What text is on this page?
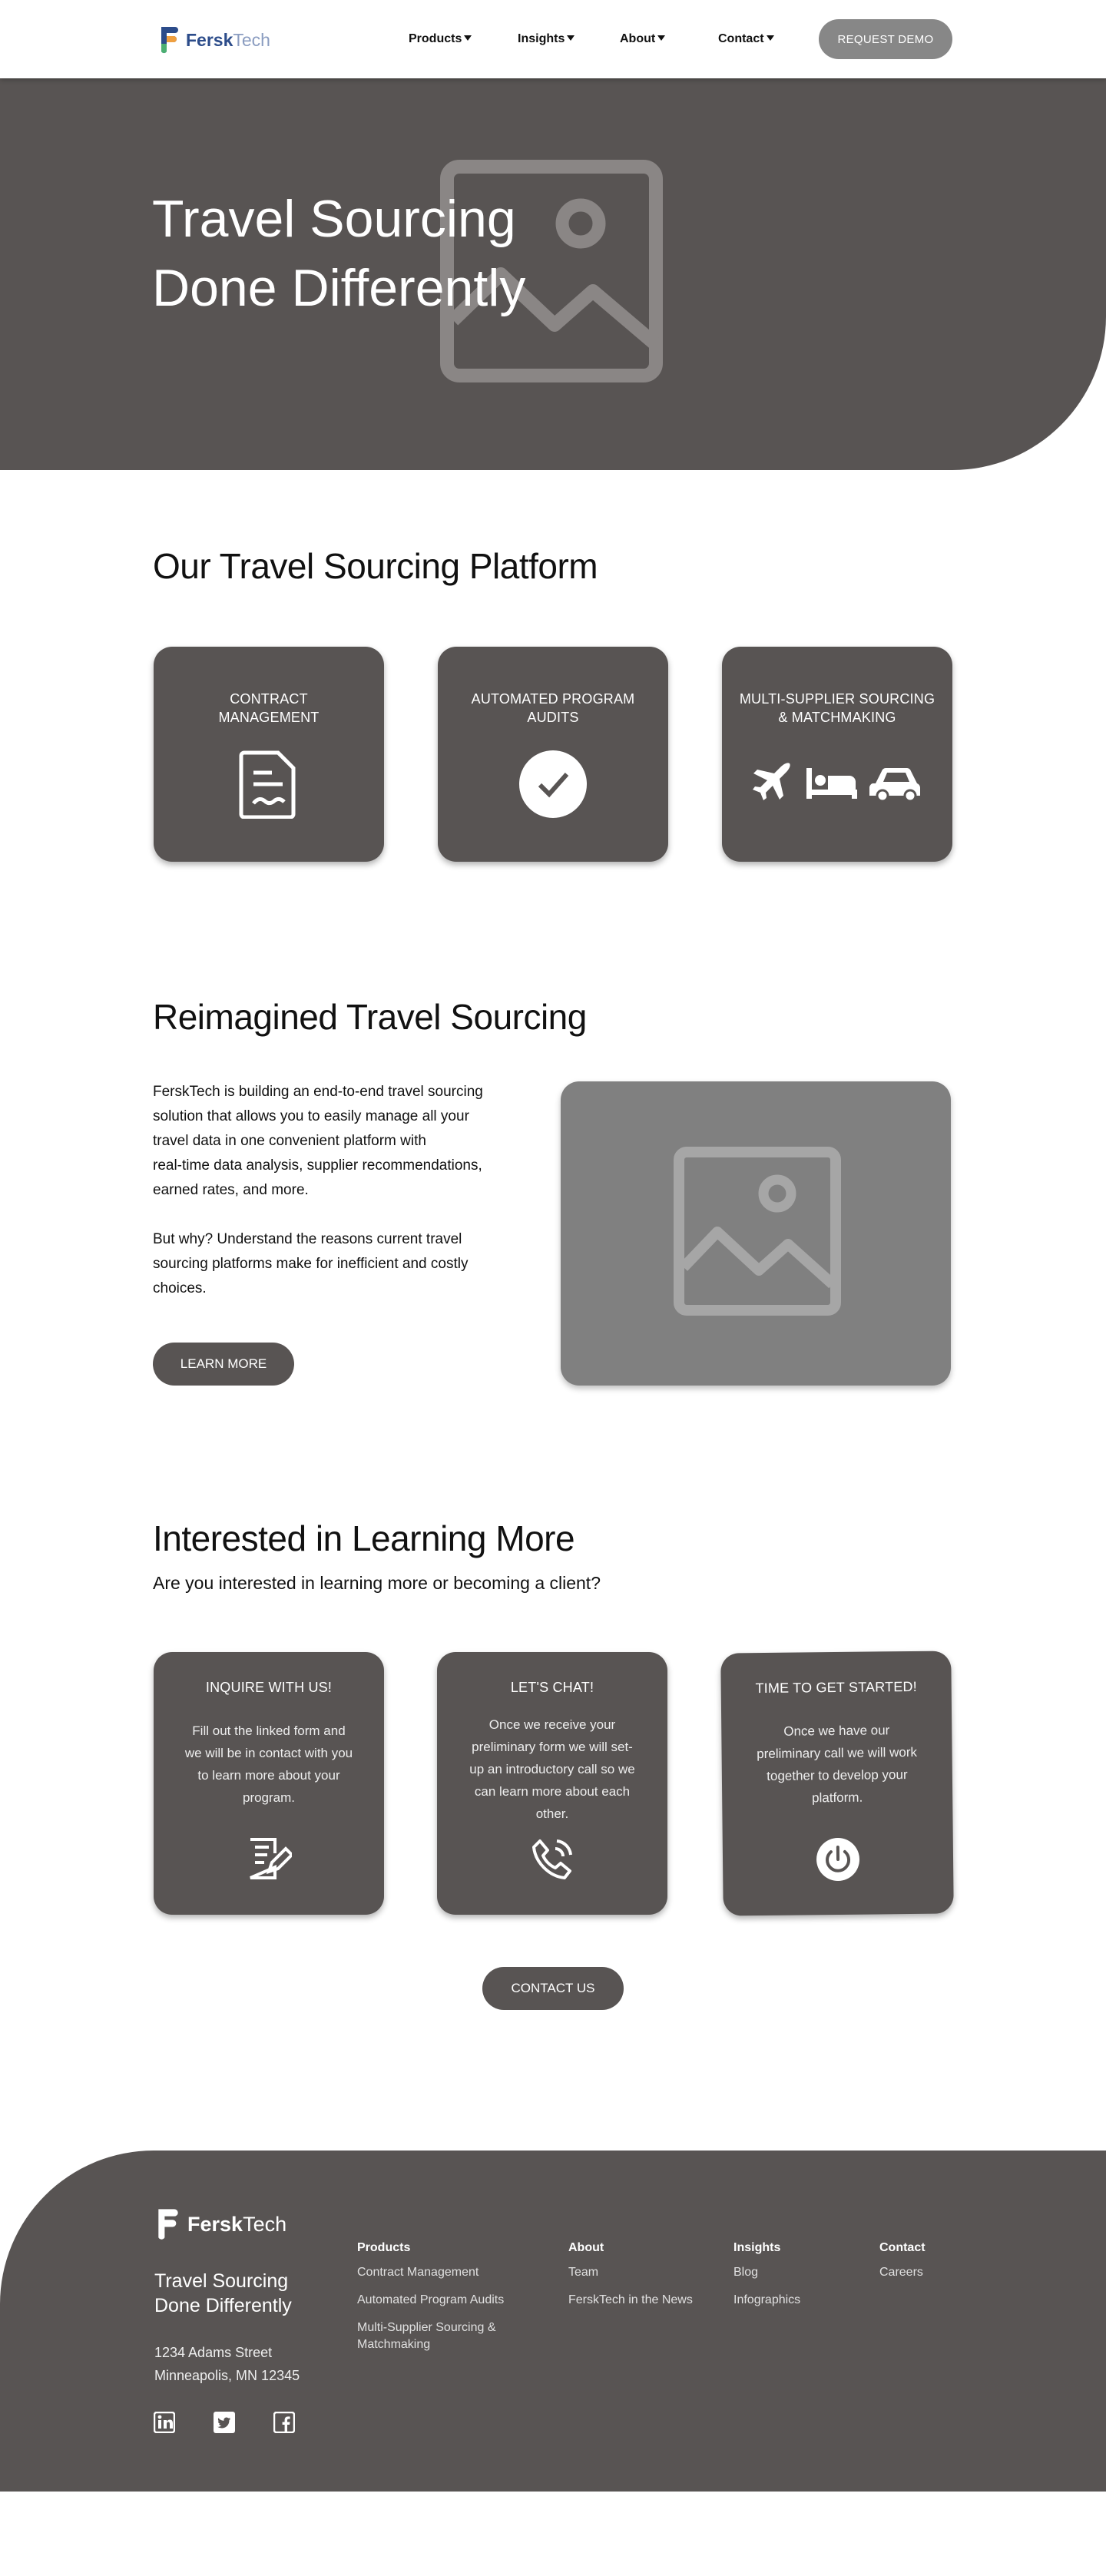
FerskTech	Products	Insights	About	Contact	REQUEST DEMO
Travel Sourcing
Done Differently
Our Travel Sourcing Platform
CONTRACT
MANAGEMENT
AUTOMATED PROGRAM
AUDITS
MULTI-SUPPLIER SOURCING
& MATCHMAKING
Reimagined Travel Sourcing
FerskTech is building an end-to-end travel sourcing
solution that allows you to easily manage all your
travel data in one convenient platform with
real-time data analysis, supplier recommendations,
earned rates, and more.
But why? Understand the reasons current travel
sourcing platforms make for inefficient and costly
choices.
LEARN MORE
Interested in Learning More
Are you interested in learning more or becoming a client?
INQUIRE WITH US!
Fill out the linked form and we will be in contact with you to learn more about your program.
LET'S CHAT!
Once we receive your preliminary form we will set-up an introductory call so we can learn more about each other.
TIME TO GET STARTED!
Once we have our preliminary call we will work together to develop your platform.
CONTACT US
FerskTech
Travel Sourcing
Done Differently
1234 Adams Street
Minneapolis, MN 12345
Products
Contract Management
Automated Program Audits
Multi-Supplier Sourcing & Matchmaking
About
Team
FerskTech in the News
Insights
Blog
Infographics
Contact
Careers
